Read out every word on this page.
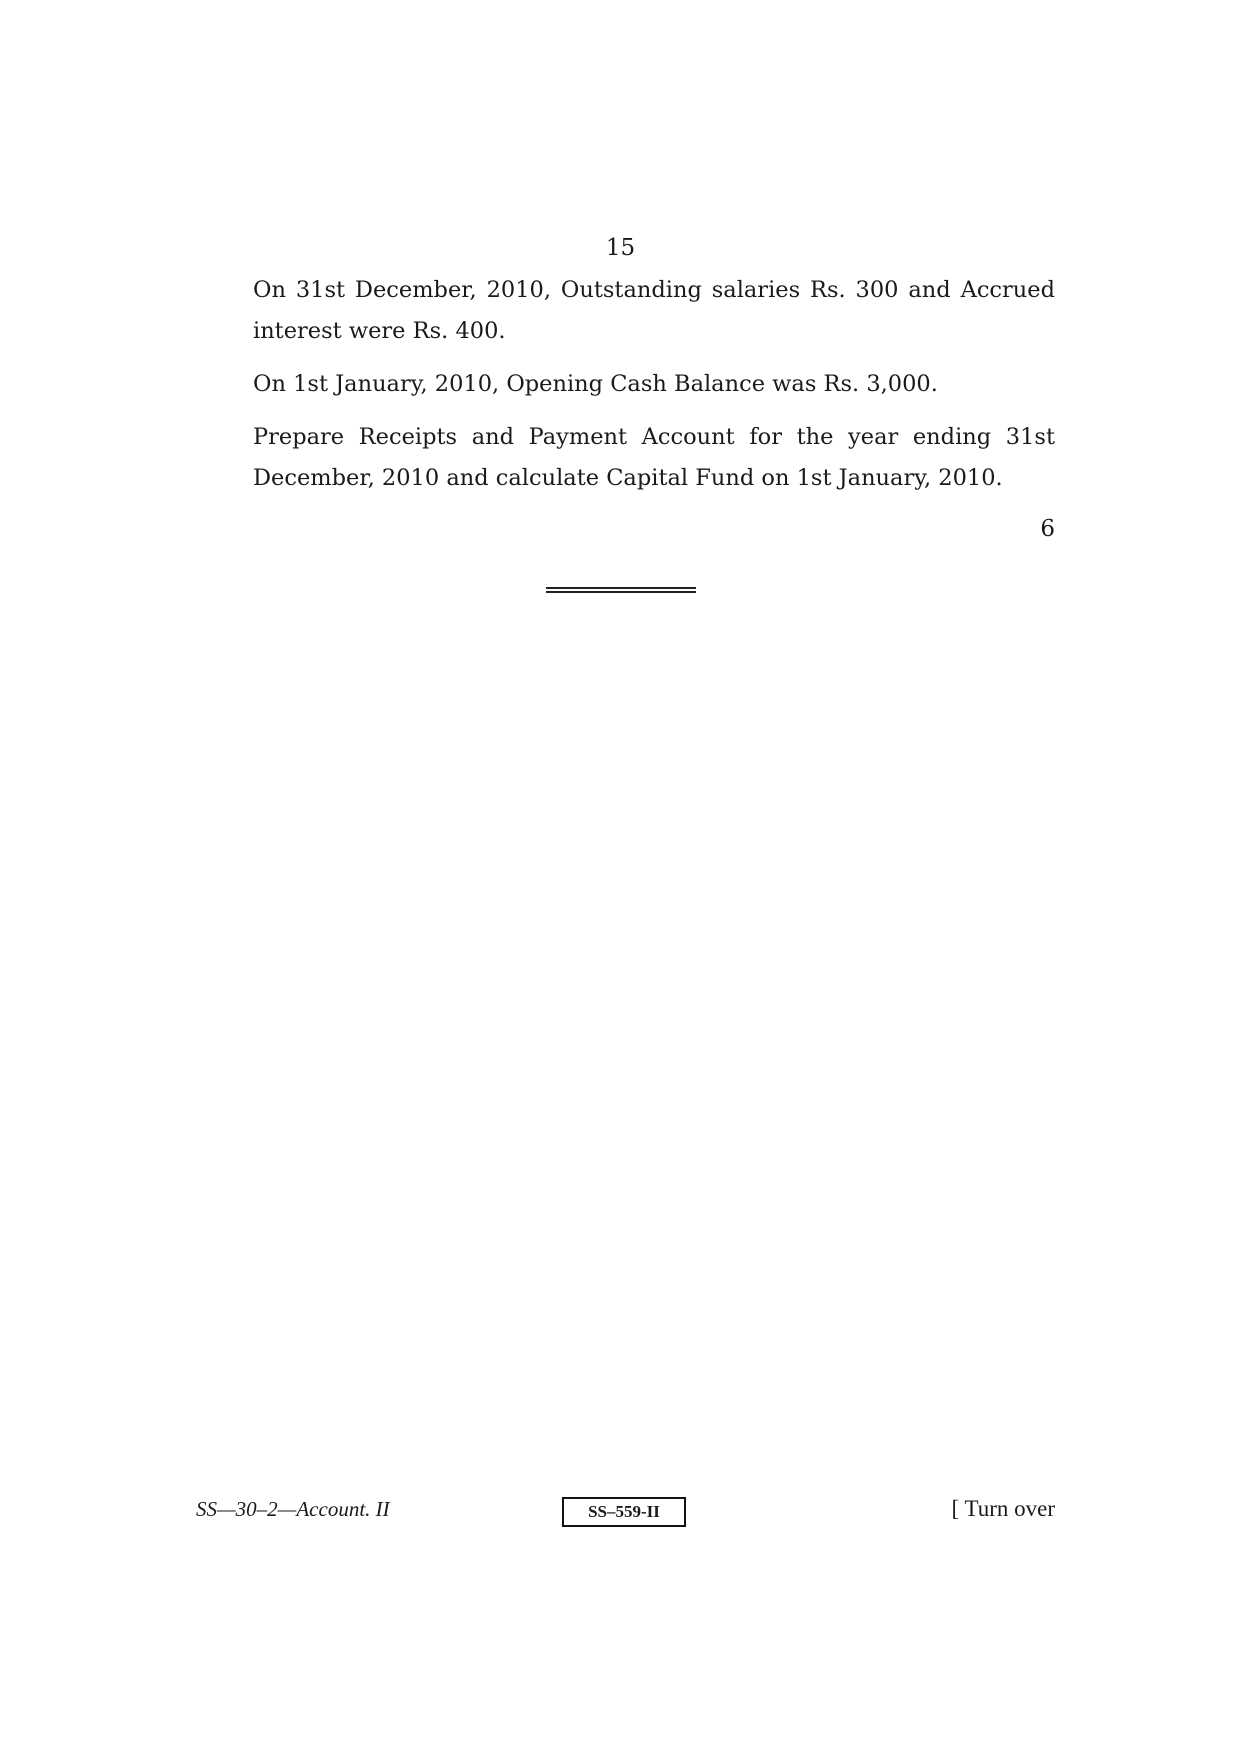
15

On 31st December, 2010, Outstanding salaries Rs. 300 and Accrued interest were Rs. 400.

On 1st January, 2010, Opening Cash Balance was Rs. 3,000.

Prepare Receipts and Payment Account for the year ending 31st December, 2010 and calculate Capital Fund on 1st January, 2010.

6
SS—30–2—Account. II	SS–559-II	[ Turn over
